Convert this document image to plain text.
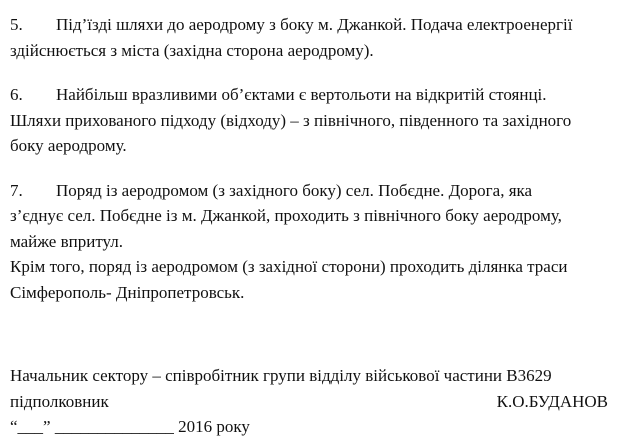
5. Під’їзді шляхи до аеродрому з боку м. Джанкой. Подача електроенергії

здійснюється з міста (західна сторона аеродрому).

6. Найбільш вразливими об’єктами є вертольоти на відкритій стоянці.

Шляхи прихованого підходу (відходу) – з північного, південного та західного

боку аеродрому.

7. Поряд із аеродромом (з західного боку) сел. Побєдне. Дорога, яка

з’єднує сел. Побєдне із м. Джанкой, проходить з північного боку аеродрому,

майже впритул.

Крім того, поряд із аеродромом (з західної сторони) проходить ділянка траси

Сімферополь- Дніпропетровськ.

Начальник сектору – співробітник групи відділу військової частини В3629
підполковник	К.О.БУДАНОВ
“___” ______________ 2016 року
